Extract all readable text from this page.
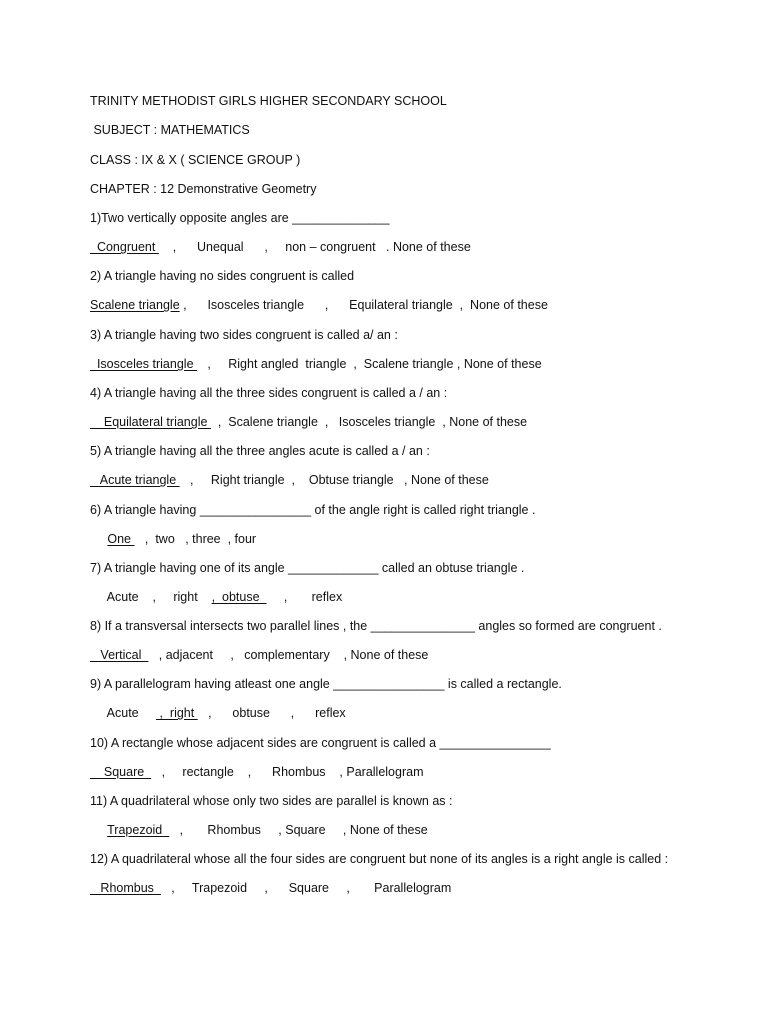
TRINITY METHODIST GIRLS HIGHER SECONDARY SCHOOL
SUBJECT : MATHEMATICS
CLASS : IX & X ( SCIENCE GROUP )
CHAPTER : 12 Demonstrative Geometry
1)Two vertically opposite angles are ______________
Congruent     ,      Unequal      ,     non – congruent   . None of these
2) A triangle having no sides congruent is called
Scalene triangle ,      Isosceles triangle      ,      Equilateral triangle  ,  None of these
3) A triangle having two sides congruent is called a/ an :
Isosceles triangle    ,     Right angled  triangle  ,  Scalene triangle , None of these
4) A triangle having all the three sides congruent is called a / an :
Equilateral triangle   ,  Scalene triangle  ,   Isosceles triangle  , None of these
5) A triangle having all the three angles acute is called a / an :
Acute triangle    ,     Right triangle  ,    Obtuse triangle   , None of these
6) A triangle having ________________ of the angle right is called right triangle .
One    ,  two   , three  , four
7) A triangle having one of its angle _____________ called an obtuse triangle .
Acute    ,     right    ,  obtuse       ,       reflex
8) If a transversal intersects two parallel lines , the _______________ angles so formed are congruent .
Vertical     , adjacent     ,   complementary    , None of these
9) A parallelogram having atleast one angle ________________ is called a rectangle.
Acute      ,  right    ,      obtuse      ,      reflex
10) A rectangle whose adjacent sides are congruent is called a ________________
Square     ,     rectangle    ,      Rhombus    , Parallelogram
11) A quadrilateral whose only two sides are parallel is known as :
Trapezoid     ,       Rhombus     , Square     , None of these
12) A quadrilateral whose all the four sides are congruent but none of its angles is a right angle is called :
Rhombus     ,     Trapezoid     ,      Square     ,       Parallelogram
